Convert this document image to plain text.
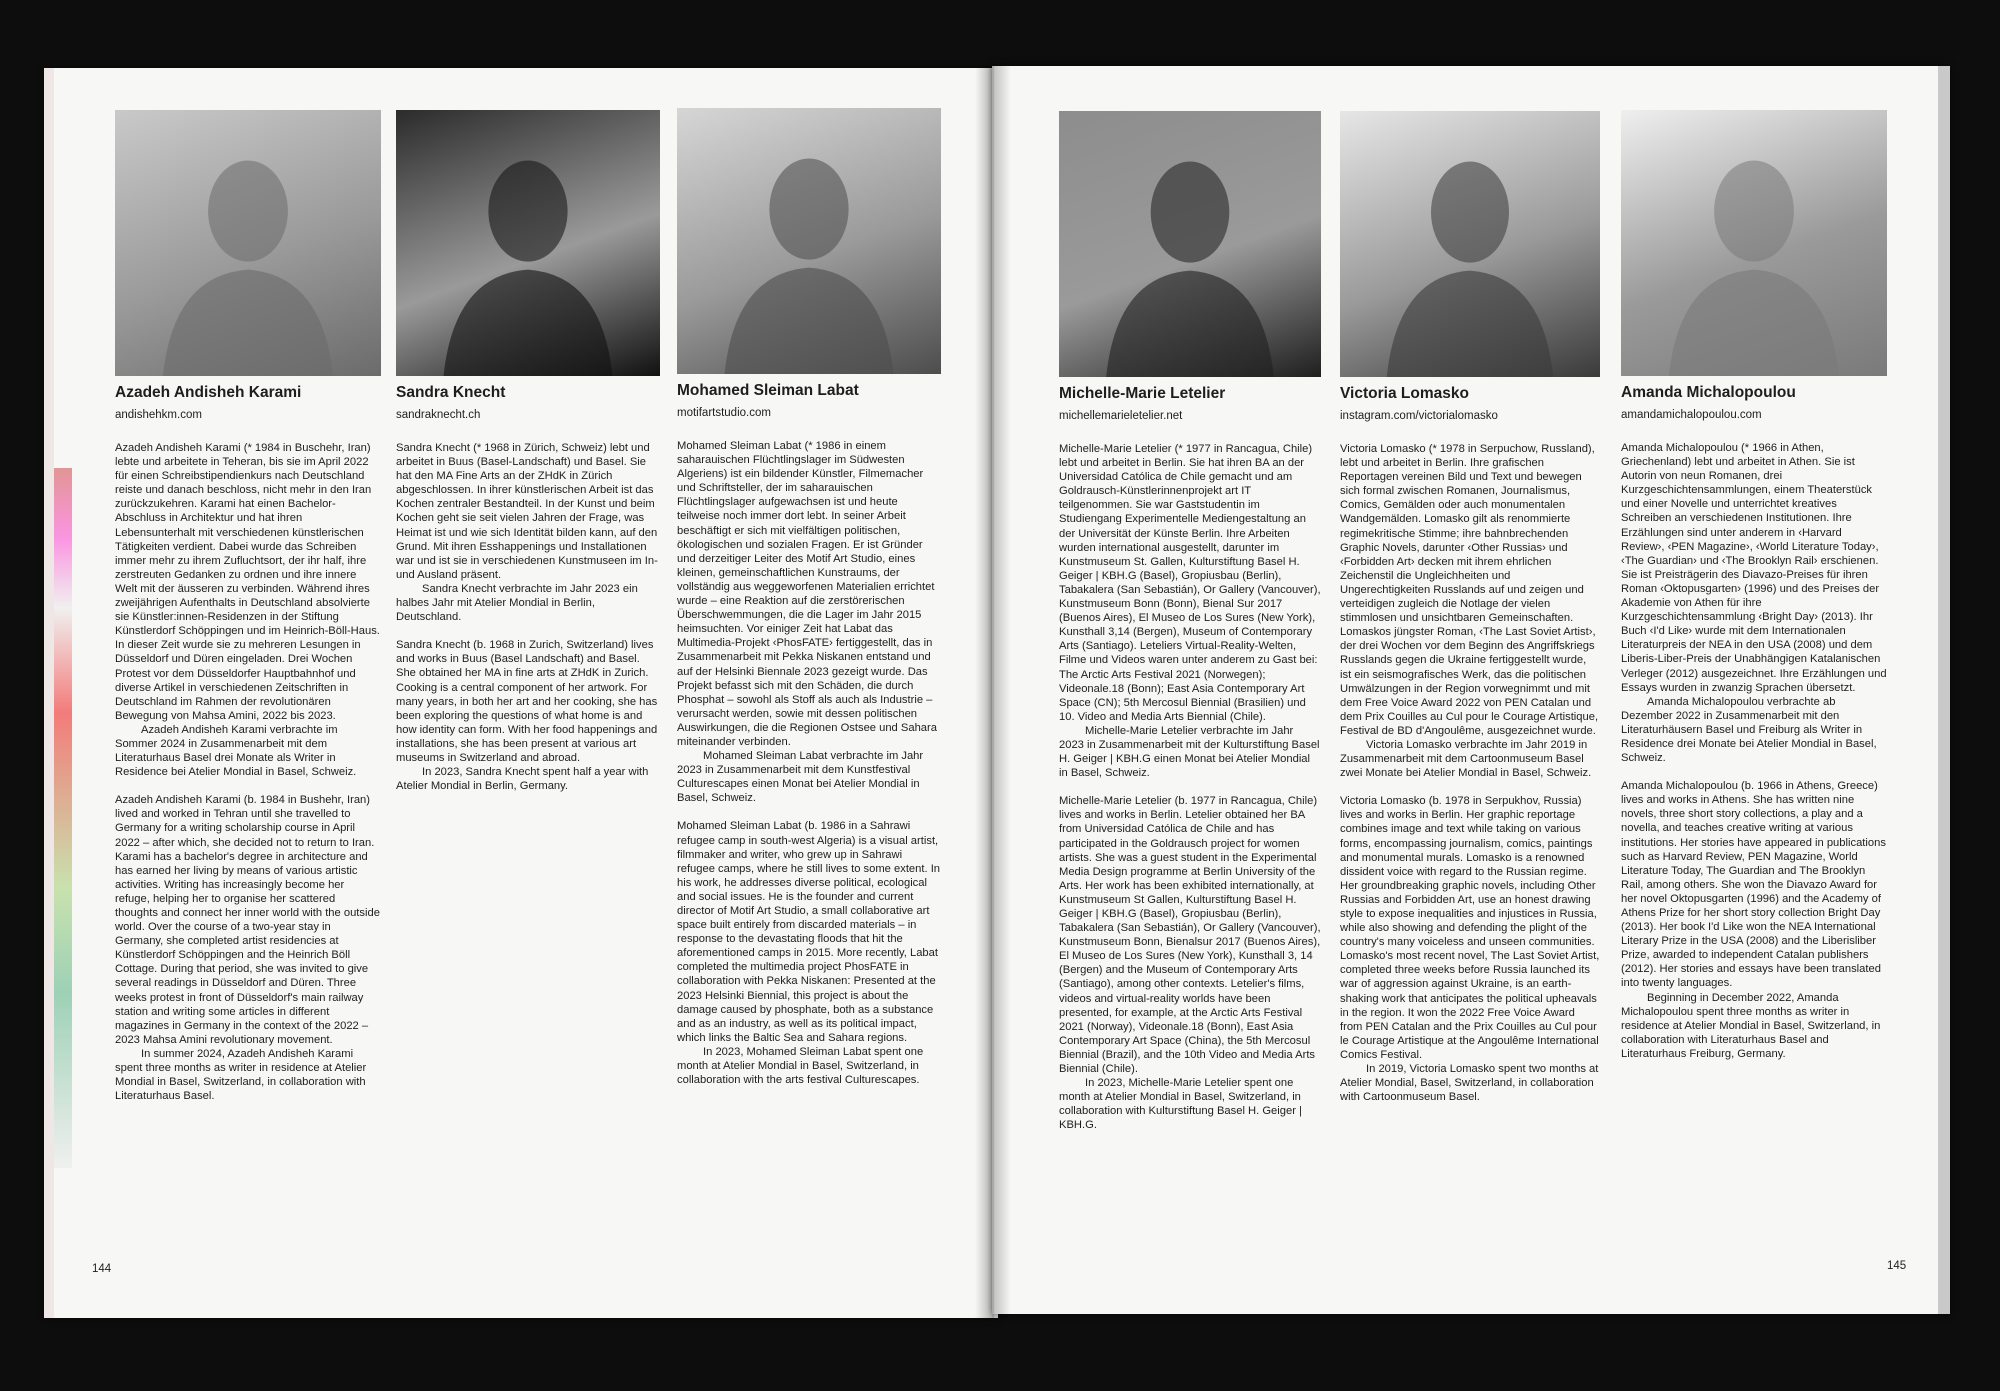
Azadeh Andisheh Karami
andishehkm.com

Azadeh Andisheh Karami (* 1984 in Buschehr, Iran) lebte und arbeitete in Teheran, bis sie im April 2022 für einen Schreibstipendienkurs nach Deutschland reiste und danach beschloss, nicht mehr in den Iran zurückzukehren. Karami hat einen Bachelor-Abschluss in Architektur und hat ihren Lebensunterhalt mit verschiedenen künstlerischen Tätigkeiten verdient. Dabei wurde das Schreiben immer mehr zu ihrem Zufluchtsort, der ihr half, ihre zerstreuten Gedanken zu ordnen und ihre innere Welt mit der äusseren zu verbinden. Während ihres zweijährigen Aufenthalts in Deutschland absolvierte sie Künstler:innen-Residenzen in der Stiftung Künstlerdorf Schöppingen und im Heinrich-Böll-Haus. In dieser Zeit wurde sie zu mehreren Lesungen in Düsseldorf und Düren eingeladen. Drei Wochen Protest vor dem Düsseldorfer Hauptbahnhof und diverse Artikel in verschiedenen Zeitschriften in Deutschland im Rahmen der revolutionären Bewegung von Mahsa Amini, 2022 bis 2023.

Azadeh Andisheh Karami verbrachte im Sommer 2024 in Zusammenarbeit mit dem Literaturhaus Basel drei Monate als Writer in Residence bei Atelier Mondial in Basel, Schweiz.

Azadeh Andisheh Karami (b. 1984 in Bushehr, Iran) lived and worked in Tehran until she travelled to Germany for a writing scholarship course in April 2022 – after which, she decided not to return to Iran. Karami has a bachelor's degree in architecture and has earned her living by means of various artistic activities. Writing has increasingly become her refuge, helping her to organise her scattered thoughts and connect her inner world with the outside world. Over the course of a two-year stay in Germany, she completed artist residencies at Künstlerdorf Schöppingen and the Heinrich Böll Cottage. During that period, she was invited to give several readings in Düsseldorf and Düren. Three weeks protest in front of Düsseldorf's main railway station and writing some articles in different magazines in Germany in the context of the 2022 – 2023 Mahsa Amini revolutionary movement.

In summer 2024, Azadeh Andisheh Karami spent three months as writer in residence at Atelier Mondial in Basel, Switzerland, in collaboration with Literaturhaus Basel.

Sandra Knecht
sandraknecht.ch

Sandra Knecht (* 1968 in Zürich, Schweiz) lebt und arbeitet in Buus (Basel-Landschaft) und Basel. Sie hat den MA Fine Arts an der ZHdK in Zürich abgeschlossen. In ihrer künstlerischen Arbeit ist das Kochen zentraler Bestandteil. In der Kunst und beim Kochen geht sie seit vielen Jahren der Frage, was Heimat ist und wie sich Identität bilden kann, auf den Grund. Mit ihren Esshappenings und Installationen war und ist sie in verschiedenen Kunstmuseen im In- und Ausland präsent.

Sandra Knecht verbrachte im Jahr 2023 ein halbes Jahr mit Atelier Mondial in Berlin, Deutschland.

Sandra Knecht (b. 1968 in Zurich, Switzerland) lives and works in Buus (Basel Landschaft) and Basel. She obtained her MA in fine arts at ZHdK in Zurich. Cooking is a central component of her artwork. For many years, in both her art and her cooking, she has been exploring the questions of what home is and how identity can form. With her food happenings and installations, she has been present at various art museums in Switzerland and abroad.

In 2023, Sandra Knecht spent half a year with Atelier Mondial in Berlin, Germany.

Mohamed Sleiman Labat
motifartstudio.com

Mohamed Sleiman Labat (* 1986 in einem saharauischen Flüchtlingslager im Südwesten Algeriens) ist ein bildender Künstler, Filmemacher und Schriftsteller, der im saharauischen Flüchtlingslager aufgewachsen ist und heute teilweise noch immer dort lebt. In seiner Arbeit beschäftigt er sich mit vielfältigen politischen, ökologischen und sozialen Fragen. Er ist Gründer und derzeitiger Leiter des Motif Art Studio, eines kleinen, gemeinschaftlichen Kunstraums, der vollständig aus weggeworfenen Materialien errichtet wurde – eine Reaktion auf die zerstörerischen Überschwemmungen, die die Lager im Jahr 2015 heimsuchten. Vor einiger Zeit hat Labat das Multimedia-Projekt ‹PhosFATE› fertiggestellt, das in Zusammenarbeit mit Pekka Niskanen entstand und auf der Helsinki Biennale 2023 gezeigt wurde. Das Projekt befasst sich mit den Schäden, die durch Phosphat – sowohl als Stoff als auch als Industrie – verursacht werden, sowie mit dessen politischen Auswirkungen, die die Regionen Ostsee und Sahara miteinander verbinden.

Mohamed Sleiman Labat verbrachte im Jahr 2023 in Zusammenarbeit mit dem Kunstfestival Culturescapes einen Monat bei Atelier Mondial in Basel, Schweiz.

Mohamed Sleiman Labat (b. 1986 in a Sahrawi refugee camp in south-west Algeria) is a visual artist, filmmaker and writer, who grew up in Sahrawi refugee camps, where he still lives to some extent. In his work, he addresses diverse political, ecological and social issues. He is the founder and current director of Motif Art Studio, a small collaborative art space built entirely from discarded materials – in response to the devastating floods that hit the aforementioned camps in 2015. More recently, Labat completed the multimedia project PhosFATE in collaboration with Pekka Niskanen: Presented at the 2023 Helsinki Biennial, this project is about the damage caused by phosphate, both as a substance and as an industry, as well as its political impact, which links the Baltic Sea and Sahara regions.

In 2023, Mohamed Sleiman Labat spent one month at Atelier Mondial in Basel, Switzerland, in collaboration with the arts festival Culturescapes.

Michelle-Marie Letelier
michellemarieletelier.net

Michelle-Marie Letelier (* 1977 in Rancagua, Chile) lebt und arbeitet in Berlin. Sie hat ihren BA an der Universidad Católica de Chile gemacht und am Goldrausch-Künstlerinnenprojekt art IT teilgenommen. Sie war Gaststudentin im Studiengang Experimentelle Mediengestaltung an der Universität der Künste Berlin. Ihre Arbeiten wurden international ausgestellt, darunter im Kunstmuseum St. Gallen, Kulturstiftung Basel H. Geiger | KBH.G (Basel), Gropiusbau (Berlin), Tabakalera (San Sebastián), Or Gallery (Vancouver), Kunstmuseum Bonn (Bonn), Bienal Sur 2017 (Buenos Aires), El Museo de Los Sures (New York), Kunsthall 3,14 (Bergen), Museum of Contemporary Arts (Santiago). Leteliers Virtual-Reality-Welten, Filme und Videos waren unter anderem zu Gast bei: The Arctic Arts Festival 2021 (Norwegen); Videonale.18 (Bonn); East Asia Contemporary Art Space (CN); 5th Mercosul Biennial (Brasilien) und 10. Video and Media Arts Biennial (Chile).

Michelle-Marie Letelier verbrachte im Jahr 2023 in Zusammenarbeit mit der Kulturstiftung Basel H. Geiger | KBH.G einen Monat bei Atelier Mondial in Basel, Schweiz.

Michelle-Marie Letelier (b. 1977 in Rancagua, Chile) lives and works in Berlin. Letelier obtained her BA from Universidad Católica de Chile and has participated in the Goldrausch project for women artists. She was a guest student in the Experimental Media Design programme at Berlin University of the Arts. Her work has been exhibited internationally, at Kunstmuseum St Gallen, Kulturstiftung Basel H. Geiger | KBH.G (Basel), Gropiusbau (Berlin), Tabakalera (San Sebastián), Or Gallery (Vancouver), Kunstmuseum Bonn, Bienalsur 2017 (Buenos Aires), El Museo de Los Sures (New York), Kunsthall 3, 14 (Bergen) and the Museum of Contemporary Arts (Santiago), among other contexts. Letelier's films, videos and virtual-reality worlds have been presented, for example, at the Arctic Arts Festival 2021 (Norway), Videonale.18 (Bonn), East Asia Contemporary Art Space (China), the 5th Mercosul Biennial (Brazil), and the 10th Video and Media Arts Biennial (Chile).

In 2023, Michelle-Marie Letelier spent one month at Atelier Mondial in Basel, Switzerland, in collaboration with Kulturstiftung Basel H. Geiger | KBH.G.

Victoria Lomasko
instagram.com/victorialomasko

Victoria Lomasko (* 1978 in Serpuchow, Russland), lebt und arbeitet in Berlin. Ihre grafischen Reportagen vereinen Bild und Text und bewegen sich formal zwischen Romanen, Journalismus, Comics, Gemälden oder auch monumentalen Wandgemälden. Lomasko gilt als renommierte regimekritische Stimme; ihre bahnbrechenden Graphic Novels, darunter ‹Other Russias› und ‹Forbidden Art› decken mit ihrem ehrlichen Zeichenstil die Ungleichheiten und Ungerechtigkeiten Russlands auf und zeigen und verteidigen zugleich die Notlage der vielen stimmlosen und unsichtbaren Gemeinschaften. Lomaskos jüngster Roman, ‹The Last Soviet Artist›, der drei Wochen vor dem Beginn des Angriffskriegs Russlands gegen die Ukraine fertiggestellt wurde, ist ein seismografisches Werk, das die politischen Umwälzungen in der Region vorwegnimmt und mit dem Free Voice Award 2022 von PEN Catalan und dem Prix Couilles au Cul pour le Courage Artistique, Festival de BD d'Angoulême, ausgezeichnet wurde.

Victoria Lomasko verbrachte im Jahr 2019 in Zusammenarbeit mit dem Cartoonmuseum Basel zwei Monate bei Atelier Mondial in Basel, Schweiz.

Victoria Lomasko (b. 1978 in Serpukhov, Russia) lives and works in Berlin. Her graphic reportage combines image and text while taking on various forms, encompassing journalism, comics, paintings and monumental murals. Lomasko is a renowned dissident voice with regard to the Russian regime. Her groundbreaking graphic novels, including Other Russias and Forbidden Art, use an honest drawing style to expose inequalities and injustices in Russia, while also showing and defending the plight of the country's many voiceless and unseen communities. Lomasko's most recent novel, The Last Soviet Artist, completed three weeks before Russia launched its war of aggression against Ukraine, is an earth-shaking work that anticipates the political upheavals in the region. It won the 2022 Free Voice Award from PEN Catalan and the Prix Couilles au Cul pour le Courage Artistique at the Angoulême International Comics Festival.

In 2019, Victoria Lomasko spent two months at Atelier Mondial, Basel, Switzerland, in collaboration with Cartoonmuseum Basel.

Amanda Michalopoulou
amandamichalopoulou.com

Amanda Michalopoulou (* 1966 in Athen, Griechenland) lebt und arbeitet in Athen. Sie ist Autorin von neun Romanen, drei Kurzgeschichtensammlungen, einem Theaterstück und einer Novelle und unterrichtet kreatives Schreiben an verschiedenen Institutionen. Ihre Erzählungen sind unter anderem in ‹Harvard Review›, ‹PEN Magazine›, ‹World Literature Today›, ‹The Guardian› und ‹The Brooklyn Rail› erschienen. Sie ist Preisträgerin des Diavazo-Preises für ihren Roman ‹Oktopusgarten› (1996) und des Preises der Akademie von Athen für ihre Kurzgeschichtensammlung ‹Bright Day› (2013). Ihr Buch ‹I'd Like› wurde mit dem Internationalen Literaturpreis der NEA in den USA (2008) und dem Liberis-Liber-Preis der Unabhängigen Katalanischen Verleger (2012) ausgezeichnet. Ihre Erzählungen und Essays wurden in zwanzig Sprachen übersetzt.

Amanda Michalopoulou verbrachte ab Dezember 2022 in Zusammenarbeit mit den Literaturhäusern Basel und Freiburg als Writer in Residence drei Monate bei Atelier Mondial in Basel, Schweiz.

Amanda Michalopoulou (b. 1966 in Athens, Greece) lives and works in Athens. She has written nine novels, three short story collections, a play and a novella, and teaches creative writing at various institutions. Her stories have appeared in publications such as Harvard Review, PEN Magazine, World Literature Today, The Guardian and The Brooklyn Rail, among others. She won the Diavazo Award for her novel Oktopusgarten (1996) and the Academy of Athens Prize for her short story collection Bright Day (2013). Her book I'd Like won the NEA International Literary Prize in the USA (2008) and the Liberisliber Prize, awarded to independent Catalan publishers (2012). Her stories and essays have been translated into twenty languages.

Beginning in December 2022, Amanda Michalopoulou spent three months as writer in residence at Atelier Mondial in Basel, Switzerland, in collaboration with Literaturhaus Basel and Literaturhaus Freiburg, Germany.

144	145
